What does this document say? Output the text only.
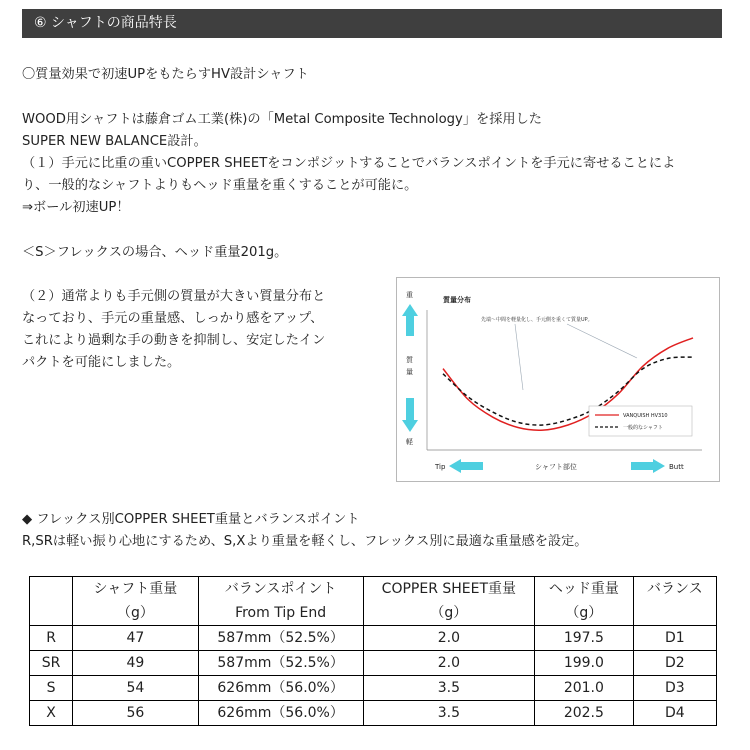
⑥ シャフトの商品特長
〇質量効果で初速UPをもたらすHV設計シャフト
WOOD用シャフトは藤倉ゴム工業(株)の「Metal Composite Technology」を採用した
SUPER NEW BALANCE設計。
（１）手元に比重の重いCOPPER SHEETをコンポジットすることでバランスポイントを手元に寄せることによ
り、一般的なシャフトよりもヘッド重量を重くすることが可能に。
⇒ボール初速UP！
＜S＞フレックスの場合、ヘッド重量201g。
（２）通常よりも手元側の質量が大きい質量分布と
なっており、手元の重量感、しっかり感をアップ、
これにより過剰な手の動きを抑制し、安定したイン
パクトを可能にしました。
◆ フレックス別COPPER SHEET重量とバランスポイント
R,SRは軽い振り心地にするため、S,Xより重量を軽くし、フレックス別に最適な重量感を設定。
質量分布
重
質
量
軽
Tip	Butt
シャフト部位
先端～中間を軽量化し、手元側を重くて質量UP。
VANQUISH HV310
一般的なシャフト
	シャフト重量	バランスポイント	COPPER SHEET重量	ヘッド重量	バランス
	（g）	From Tip End	（g）	（g）	
R	47	587mm（52.5%）	2.0	197.5	D1
SR	49	587mm（52.5%）	2.0	199.0	D2
S	54	626mm（56.0%）	3.5	201.0	D3
X	56	626mm（56.0%）	3.5	202.5	D4
